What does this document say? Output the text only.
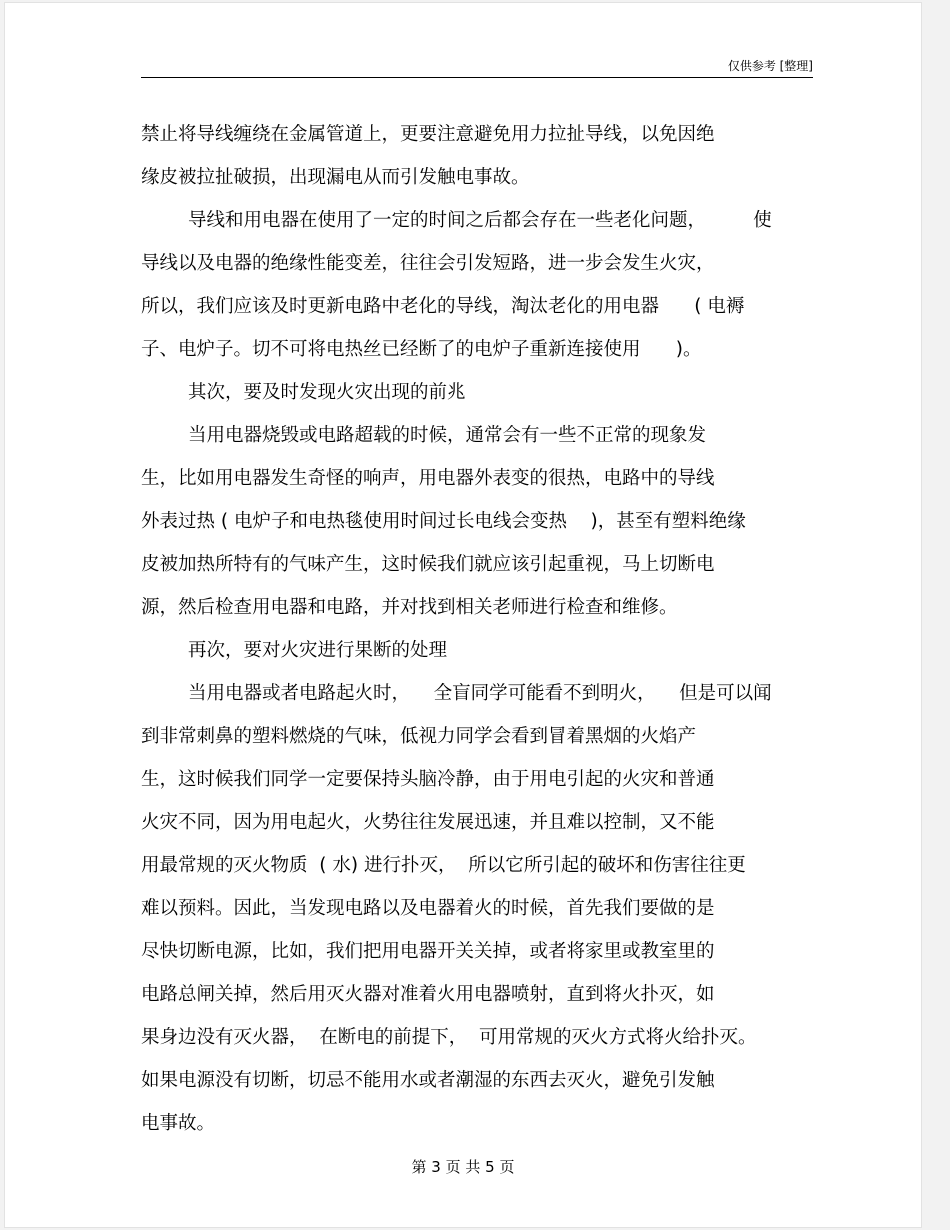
仅供参考 [整理]
禁止将导线缠绕在金属管道上，更要注意避免用力拉扯导线，以免因绝
缘皮被拉扯破损，出现漏电从而引发触电事故。
导线和用电器在使用了一定的时间之后都会存在一些老化问题，        使
导线以及电器的绝缘性能变差，往往会引发短路，进一步会发生火灾，
所以，我们应该及时更新电路中老化的导线，淘汰老化的用电器      ( 电褥
子、电炉子。切不可将电热丝已经断了的电炉子重新连接使用      )。
其次，要及时发现火灾出现的前兆
当用电器烧毁或电路超载的时候，通常会有一些不正常的现象发
生，比如用电器发生奇怪的响声，用电器外表变的很热，电路中的导线
外表过热 ( 电炉子和电热毯使用时间过长电线会变热    )，甚至有塑料绝缘
皮被加热所特有的气味产生，这时候我们就应该引起重视，马上切断电
源，然后检查用电器和电路，并对找到相关老师进行检查和维修。
再次，要对火灾进行果断的处理
当用电器或者电路起火时，    全盲同学可能看不到明火，    但是可以闻
到非常刺鼻的塑料燃烧的气味，低视力同学会看到冒着黑烟的火焰产
生，这时候我们同学一定要保持头脑冷静，由于用电引起的火灾和普通
火灾不同，因为用电起火，火势往往发展迅速，并且难以控制，又不能
用最常规的灭火物质  ( 水) 进行扑灭，  所以它所引起的破坏和伤害往往更
难以预料。因此，当发现电路以及电器着火的时候，首先我们要做的是
尽快切断电源，比如，我们把用电器开关关掉，或者将家里或教室里的
电路总闸关掉，然后用灭火器对准着火用电器喷射，直到将火扑灭，如
果身边没有灭火器，  在断电的前提下，  可用常规的灭火方式将火给扑灭。
如果电源没有切断，切忌不能用水或者潮湿的东西去灭火，避免引发触
电事故。
第 3 页 共 5 页
